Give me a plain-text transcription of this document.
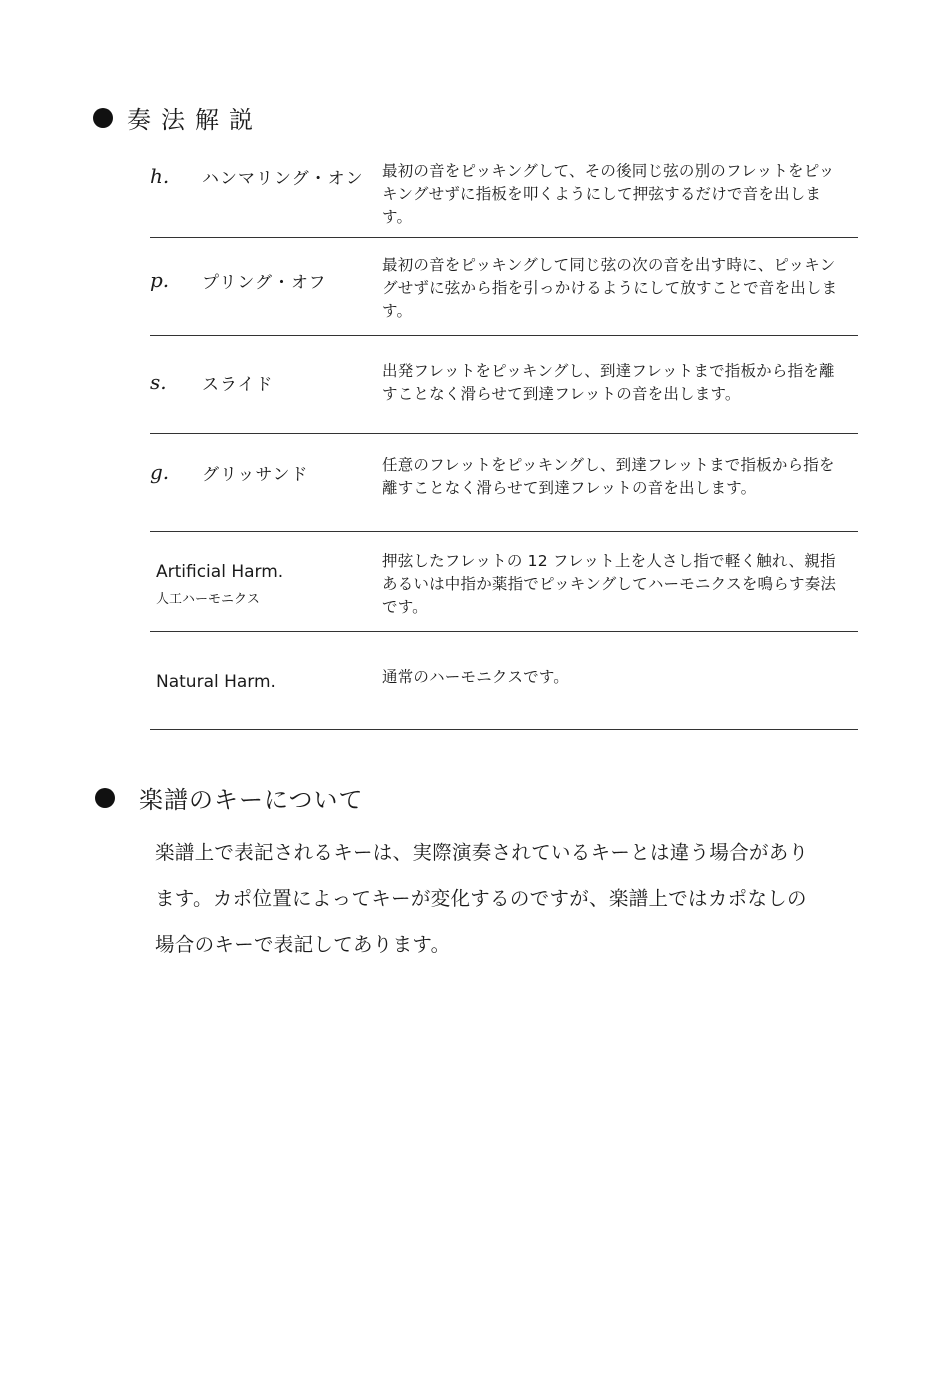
奏法解説
h. ハンマリング・オン 最初の音をピッキングして、その後同じ弦の別のフレットをピッキングせずに指板を叩くようにして押弦するだけで音を出します。
p. プリング・オフ
最初の音をピッキングして同じ弦の次の音を出す時に、ピッキングせずに弦から指を引っかけるようにして放すことで音を出します。
s. スライド
出発フレットをピッキングし、到達フレットまで指板から指を離すことなく滑らせて到達フレットの音を出します。
g. グリッサンド	任意のフレットをピッキングし、到達フレットまで指板から指を離すことなく滑らせて到達フレットの音を出します。
Artificial Harm.
人工ハーモニクス
押弦したフレットの 12 フレット上を人さし指で軽く触れ、親指あるいは中指か薬指でピッキングしてハーモニクスを鳴らす奏法です。
Natural Harm.	通常のハーモニクスです。
楽譜のキーについて
楽譜上で表記されるキーは、実際演奏されているキーとは違う場合があります。カポ位置によってキーが変化するのですが、楽譜上ではカポなしの場合のキーで表記してあります。
